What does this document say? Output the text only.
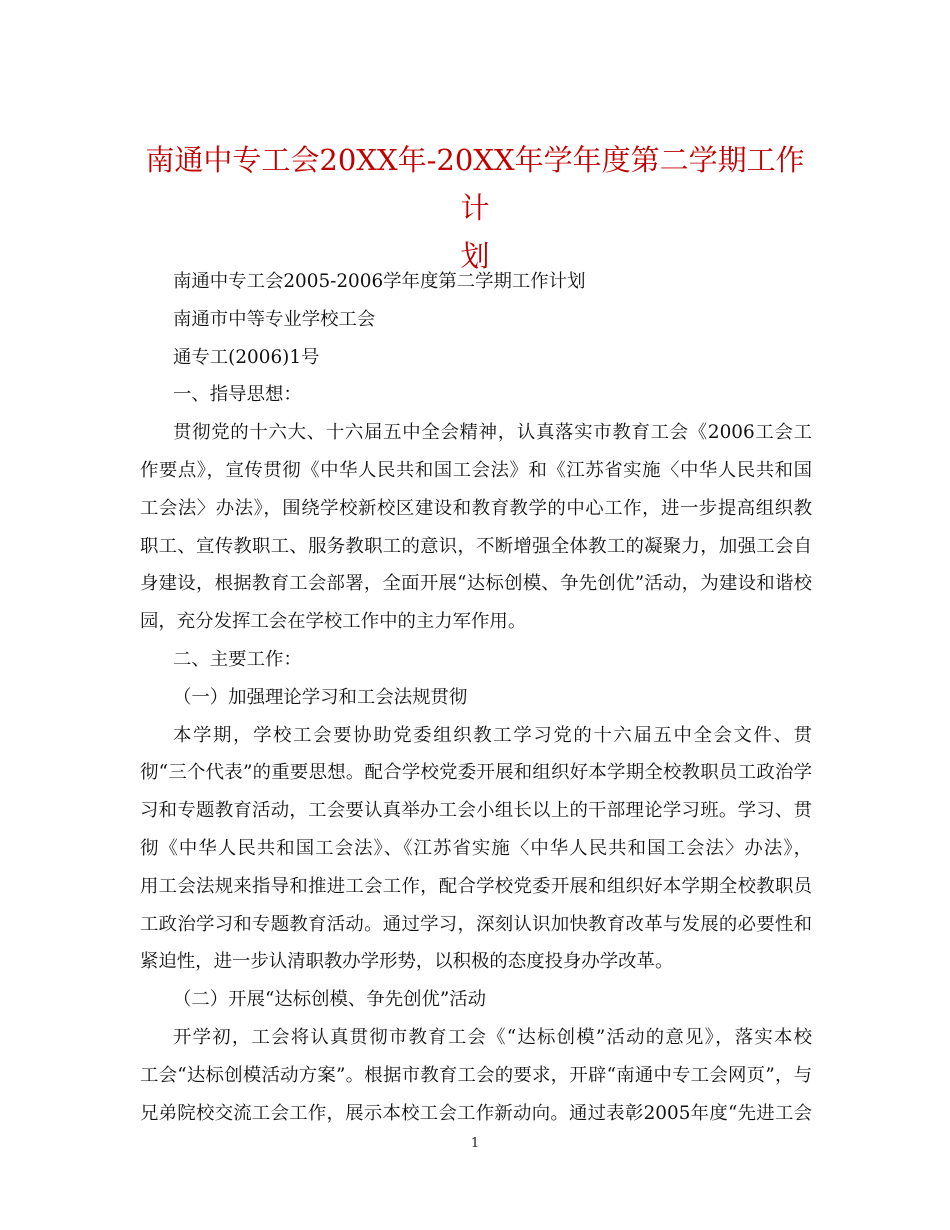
南通中专工会20XX年-20XX年学年度第二学期工作计
划

南通中专工会2005-2006学年度第二学期工作计划

南通市中等专业学校工会

通专工(2006)1号

一、指导思想：

贯彻党的十六大、十六届五中全会精神，认真落实市教育工会《2006工会工

作要点》，宣传贯彻《中华人民共和国工会法》和《江苏省实施〈中华人民共和国

工会法〉办法》，围绕学校新校区建设和教育教学的中心工作，进一步提高组织教

职工、宣传教职工、服务教职工的意识，不断增强全体教工的凝聚力，加强工会自

身建设，根据教育工会部署，全面开展“达标创模、争先创优”活动，为建设和谐校

园，充分发挥工会在学校工作中的主力军作用。

二、主要工作：

（一）加强理论学习和工会法规贯彻

本学期，学校工会要协助党委组织教工学习党的十六届五中全会文件、贯

彻“三个代表”的重要思想。配合学校党委开展和组织好本学期全校教职员工政治学

习和专题教育活动，工会要认真举办工会小组长以上的干部理论学习班。学习、贯

彻《中华人民共和国工会法》、《江苏省实施〈中华人民共和国工会法〉办法》，

用工会法规来指导和推进工会工作，配合学校党委开展和组织好本学期全校教职员

工政治学习和专题教育活动。通过学习，深刻认识加快教育改革与发展的必要性和

紧迫性，进一步认清职教办学形势，以积极的态度投身办学改革。

（二）开展“达标创模、争先创优”活动

开学初，工会将认真贯彻市教育工会《“达标创模”活动的意见》，落实本校

工会“达标创模活动方案”。根据市教育工会的要求，开辟“南通中专工会网页”，与

兄弟院校交流工会工作，展示本校工会工作新动向。通过表彰2005年度“先进工会

1
